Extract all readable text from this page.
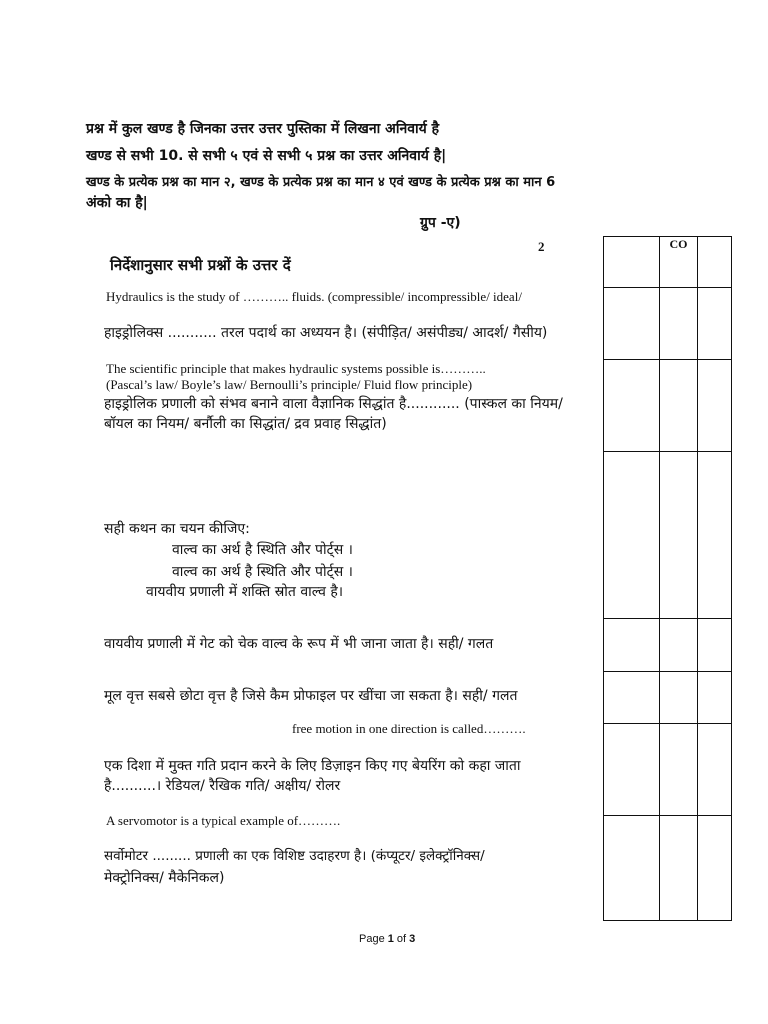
प्रश्न में कुल खण्ड है जिनका उत्तर उत्तर पुस्तिका में लिखना अनिवार्य है
खण्ड से सभी 10. से सभी ५ एवं से सभी ५ प्रश्न का उत्तर अनिवार्य है|
खण्ड के प्रत्येक प्रश्न का मान २, खण्ड के प्रत्येक प्रश्न का मान ४ एवं खण्ड के प्रत्येक प्रश्न का मान 6
अंको का है|
ग्रुप -ए)
2
निर्देशानुसार सभी प्रश्नों के उत्तर दें
	CO	

Hydraulics is the study of ……….. fluids. (compressible/ incompressible/ ideal/
हाइड्रोलिक्स ........... तरल पदार्थ का अध्ययन है। (संपीड़ित/ असंपीड्य/ आदर्श/ गैसीय)
The scientific principle that makes hydraulic systems possible is………..
(Pascal’s law/ Boyle’s law/ Bernoulli’s principle/ Fluid flow principle)
हाइड्रोलिक प्रणाली को संभव बनाने वाला वैज्ञानिक सिद्धांत है............ (पास्कल का नियम/
बॉयल का नियम/ बर्नौली का सिद्धांत/ द्रव प्रवाह सिद्धांत)
सही कथन का चयन कीजिए:
वाल्व का अर्थ है स्थिति और पोर्ट्स ।
वाल्व का अर्थ है स्थिति और पोर्ट्स ।
वायवीय प्रणाली में शक्ति स्रोत वाल्व है।
वायवीय प्रणाली में गेट को चेक वाल्व के रूप में भी जाना जाता है। सही/ गलत
मूल वृत्त सबसे छोटा वृत्त है जिसे कैम प्रोफाइल पर खींचा जा सकता है। सही/ गलत
free motion in one direction is called……….
एक दिशा में मुक्त गति प्रदान करने के लिए डिज़ाइन किए गए बेयरिंग को कहा जाता
है..........। रेडियल/ रैखिक गति/ अक्षीय/ रोलर
A servomotor is a typical example of……….
सर्वोमोटर ......... प्रणाली का एक विशिष्ट उदाहरण है। (कंप्यूटर/ इलेक्ट्रॉनिक्स/
मेक्ट्रोनिक्स/ मैकेनिकल)
Page 1 of 3
